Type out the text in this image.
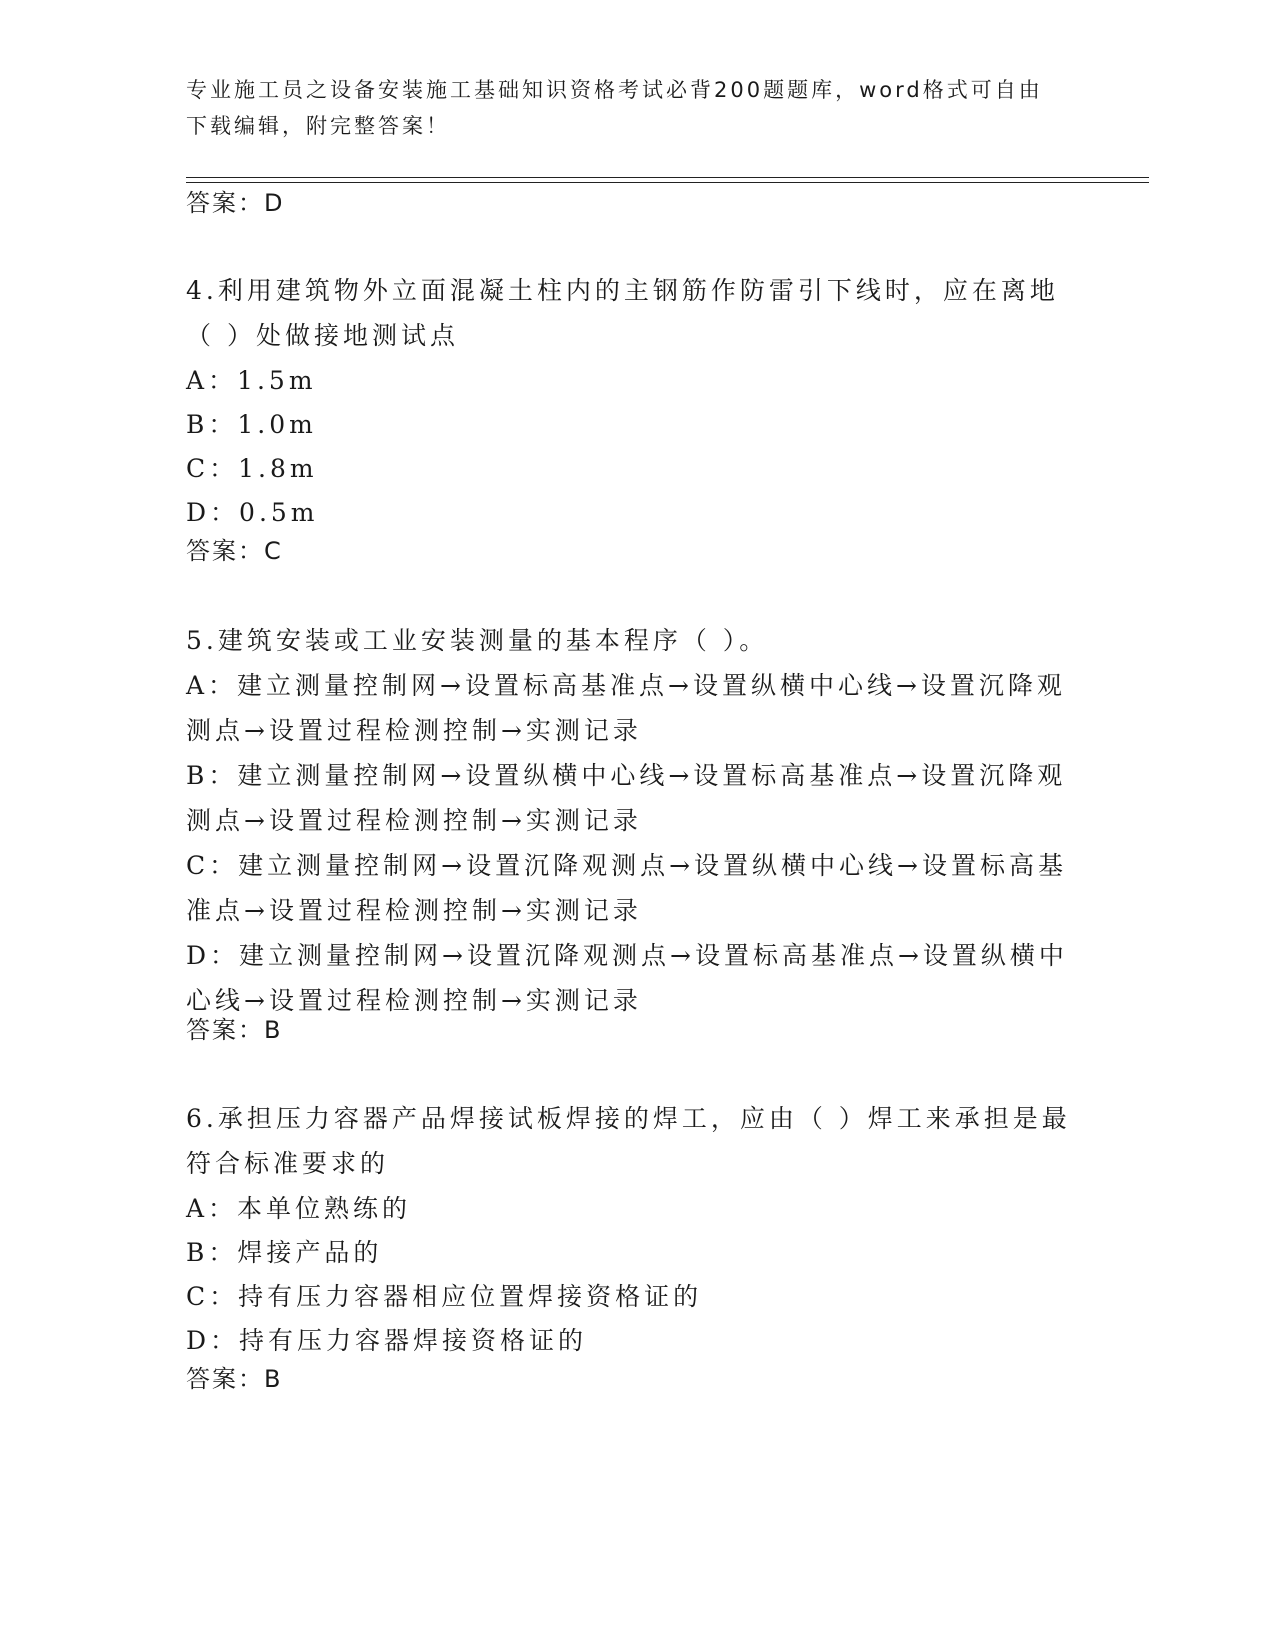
专业施工员之设备安装施工基础知识资格考试必背200题题库，word格式可自由
下载编辑，附完整答案！
答案：D
4.利用建筑物外立面混凝土柱内的主钢筋作防雷引下线时，应在离地
（ ）处做接地测试点
A：1.5m
B：1.0m
C：1.8m
D：0.5m
答案：C
5.建筑安装或工业安装测量的基本程序（ ）。
A：建立测量控制网→设置标高基准点→设置纵横中心线→设置沉降观
测点→设置过程检测控制→实测记录
B：建立测量控制网→设置纵横中心线→设置标高基准点→设置沉降观
测点→设置过程检测控制→实测记录
C：建立测量控制网→设置沉降观测点→设置纵横中心线→设置标高基
准点→设置过程检测控制→实测记录
D：建立测量控制网→设置沉降观测点→设置标高基准点→设置纵横中
心线→设置过程检测控制→实测记录
答案：B
6.承担压力容器产品焊接试板焊接的焊工，应由（ ）焊工来承担是最
符合标准要求的
A：本单位熟练的
B：焊接产品的
C：持有压力容器相应位置焊接资格证的
D：持有压力容器焊接资格证的
答案：B
